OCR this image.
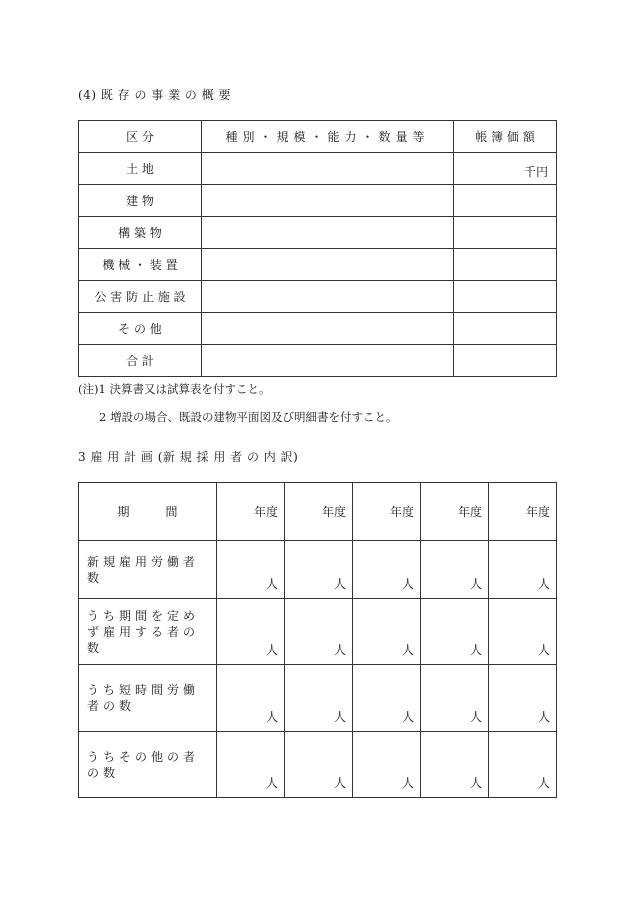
(4) 既 存 の 事 業 の 概 要
区 分	種別・規模・能力・数量等	帳 簿 価 額
土 地		千円
建 物		
構 築 物		
機 械 ・ 装 置		
公 害 防 止 施 設		
そ の 他		
合 計		
(注)1 決算書又は試算表を付すこと。
2 増設の場合、既設の建物平面図及び明細書を付すこと。
3 雇 用 計 画 (新 規 採 用 者 の 内 訳)
期　　　間	年度	年度	年度	年度	年度
新規雇用労働者数	人	人	人	人	人
うち期間を定めず雇用する者の数	人	人	人	人	人
うち短時間労働者の数	人	人	人	人	人
うちその他の者の数	人	人	人	人	人
